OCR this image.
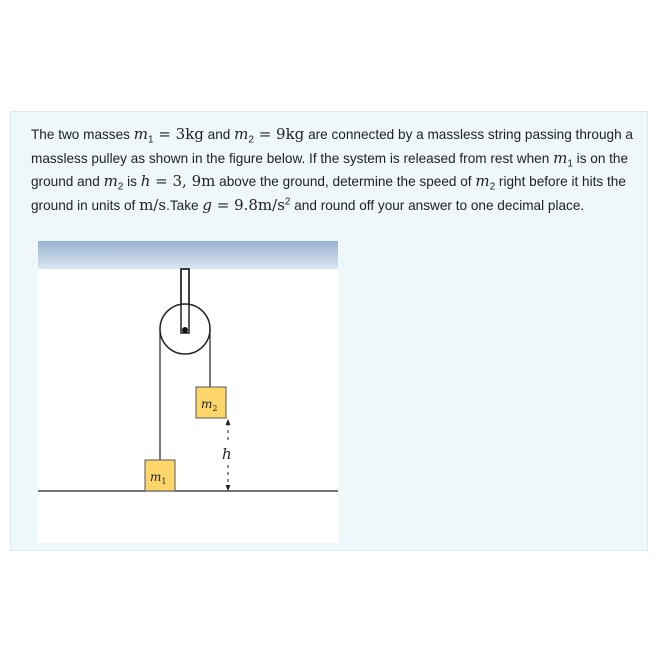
The two masses $m_1 = 3kg$ and $m_2 = 9kg$ are connected by a massless string passing through a massless pulley as shown in the figure below. If the system is released from rest when $m_1$ is on the ground and $m_2$ is h = 3, 9m above the ground, determine the speed of $m_2$ right before it hits the ground in units of m/s.Take $g = 9.8m/s^2$ and round off your answer to one decimal place.
$m_2$
$m_1$
h
